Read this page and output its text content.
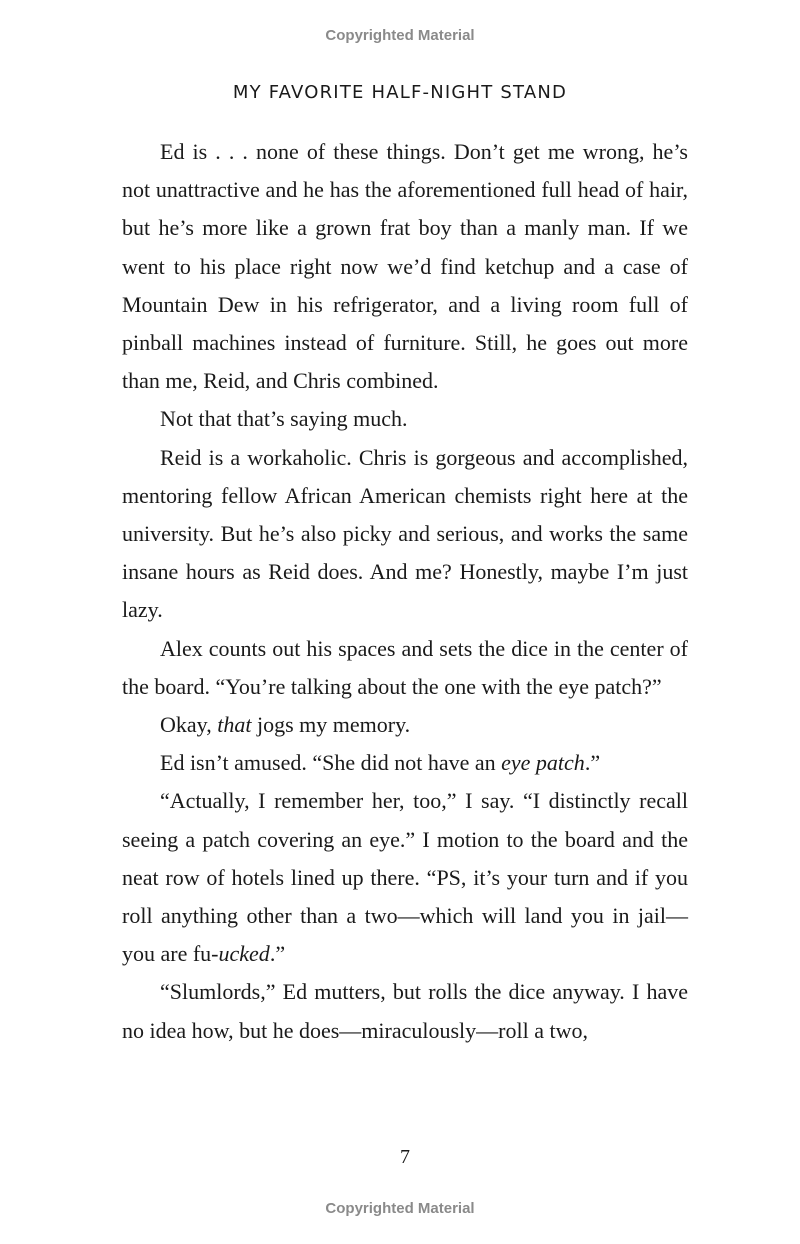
Copyrighted Material
MY FAVORITE HALF-NIGHT STAND

Ed is . . . none of these things. Don’t get me wrong, he’s not unattractive and he has the aforementioned full head of hair, but he’s more like a grown frat boy than a manly man. If we went to his place right now we’d find ketchup and a case of Mountain Dew in his refrigerator, and a living room full of pinball machines instead of furniture. Still, he goes out more than me, Reid, and Chris combined.

Not that that’s saying much.

Reid is a workaholic. Chris is gorgeous and accomplished, mentoring fellow African American chemists right here at the university. But he’s also picky and serious, and works the same insane hours as Reid does. And me? Honestly, maybe I’m just lazy.

Alex counts out his spaces and sets the dice in the center of the board. “You’re talking about the one with the eye patch?”

Okay, that jogs my memory.

Ed isn’t amused. “She did not have an eye patch.”

“Actually, I remember her, too,” I say. “I distinctly recall seeing a patch covering an eye.” I motion to the board and the neat row of hotels lined up there. “PS, it’s your turn and if you roll anything other than a two—which will land you in jail—you are fu-ucked.”

“Slumlords,” Ed mutters, but rolls the dice anyway. I have no idea how, but he does—miraculously—roll a two,

7
Copyrighted Material
